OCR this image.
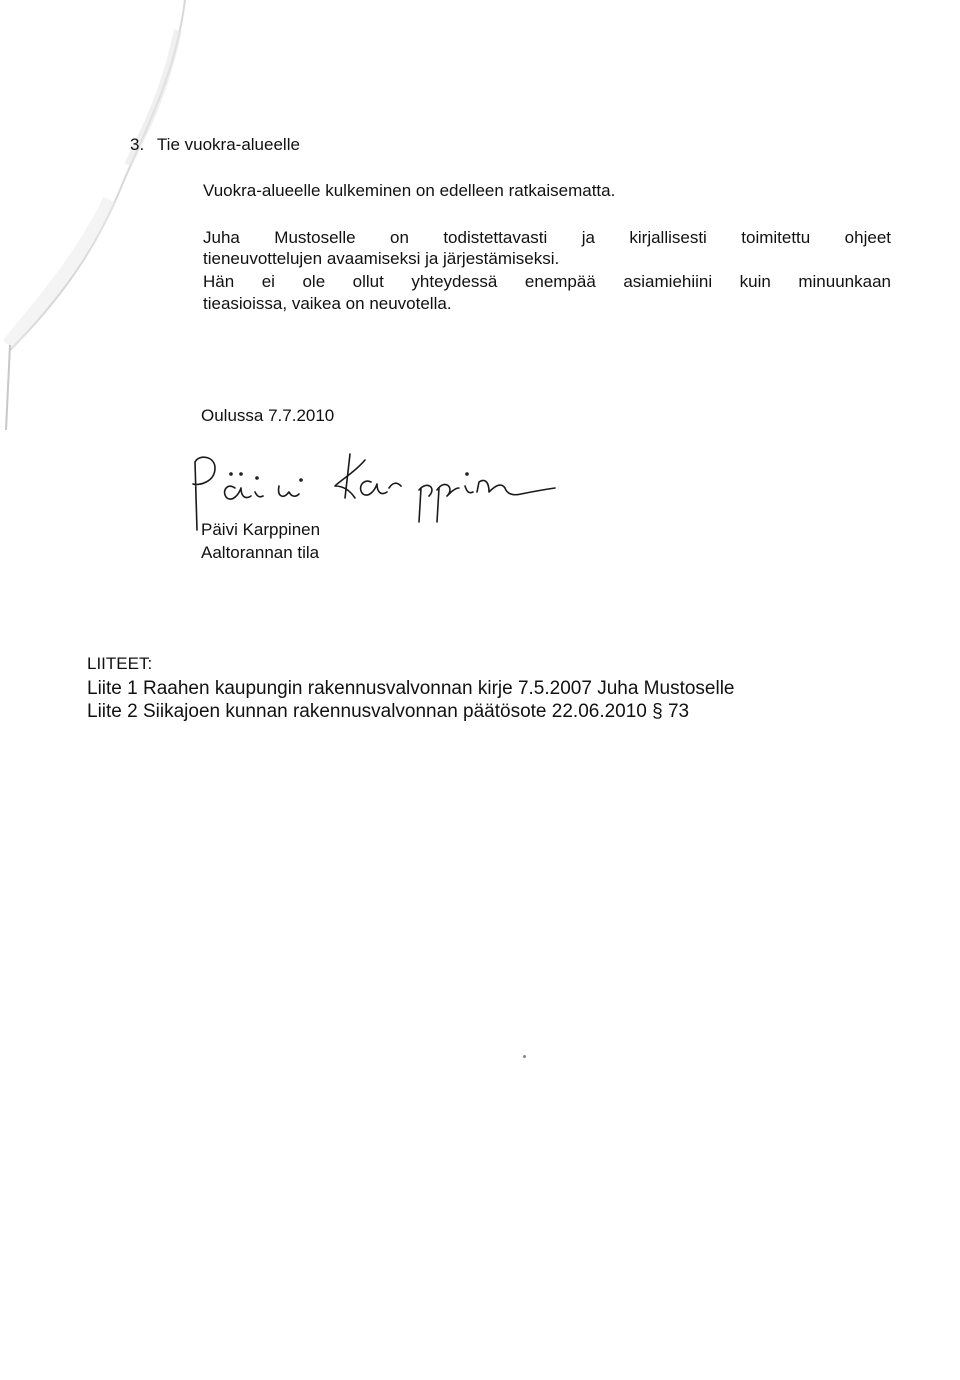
3. Tie vuokra-alueelle
Vuokra-alueelle kulkeminen on edelleen ratkaisematta.
Juha Mustoselle on todistettavasti ja kirjallisesti toimitettu ohjeet
tieneuvottelujen avaamiseksi ja järjestämiseksi.
Hän ei ole ollut yhteydessä enempää asiamiehiini kuin minuunkaan
tieasioissa, vaikea on neuvotella.
Oulussa 7.7.2010
Päivi Karppinen
Aaltorannan tila
LIITEET:
Liite 1 Raahen kaupungin rakennusvalvonnan kirje 7.5.2007 Juha Mustoselle
Liite 2 Siikajoen kunnan rakennusvalvonnan päätösote 22.06.2010 § 73
